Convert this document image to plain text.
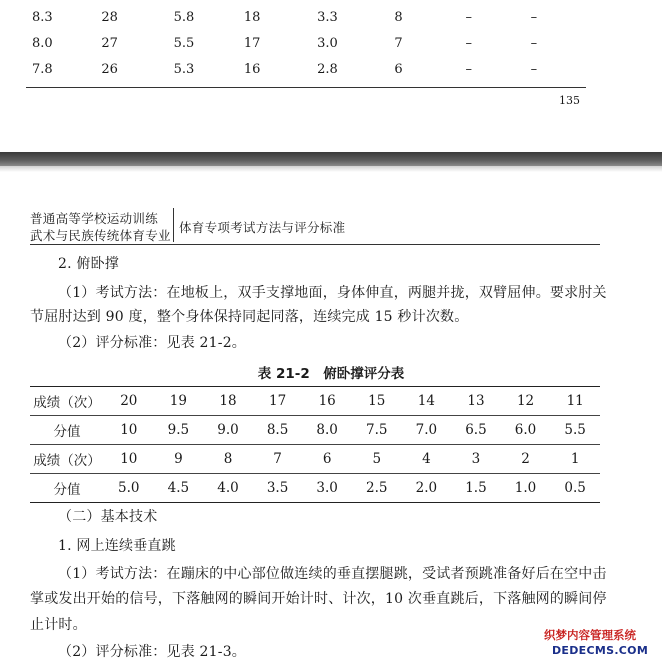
8.3	28	5.8	18	3.3	8	–	–
8.0	27	5.5	17	3.0	7	–	–
7.8	26	5.3	16	2.8	6	–	–
135
普通高等学校运动训练
武术与民族传统体育专业
体育专项考试方法与评分标准
2. 俯卧撑
（1）考试方法：在地板上，双手支撑地面，身体伸直，两腿并拢，双臂屈伸。要求肘关
节屈肘达到 90 度，整个身体保持同起同落，连续完成 15 秒计次数。
（2）评分标准：见表 21-2。
表 21-2　俯卧撑评分表
成绩（次）	20	19	18	17	16	15	14	13	12	11
分值	10	9.5	9.0	8.5	8.0	7.5	7.0	6.5	6.0	5.5
成绩（次）	10	9	8	7	6	5	4	3	2	1
分值	5.0	4.5	4.0	3.5	3.0	2.5	2.0	1.5	1.0	0.5
（二）基本技术
1. 网上连续垂直跳
（1）考试方法：在蹦床的中心部位做连续的垂直摆腿跳，受试者预跳准备好后在空中击
掌或发出开始的信号，下落触网的瞬间开始计时、计次，10 次垂直跳后，下落触网的瞬间停
止计时。
（2）评分标准：见表 21-3。
织梦内容管理系统
DEDECMS.COM
